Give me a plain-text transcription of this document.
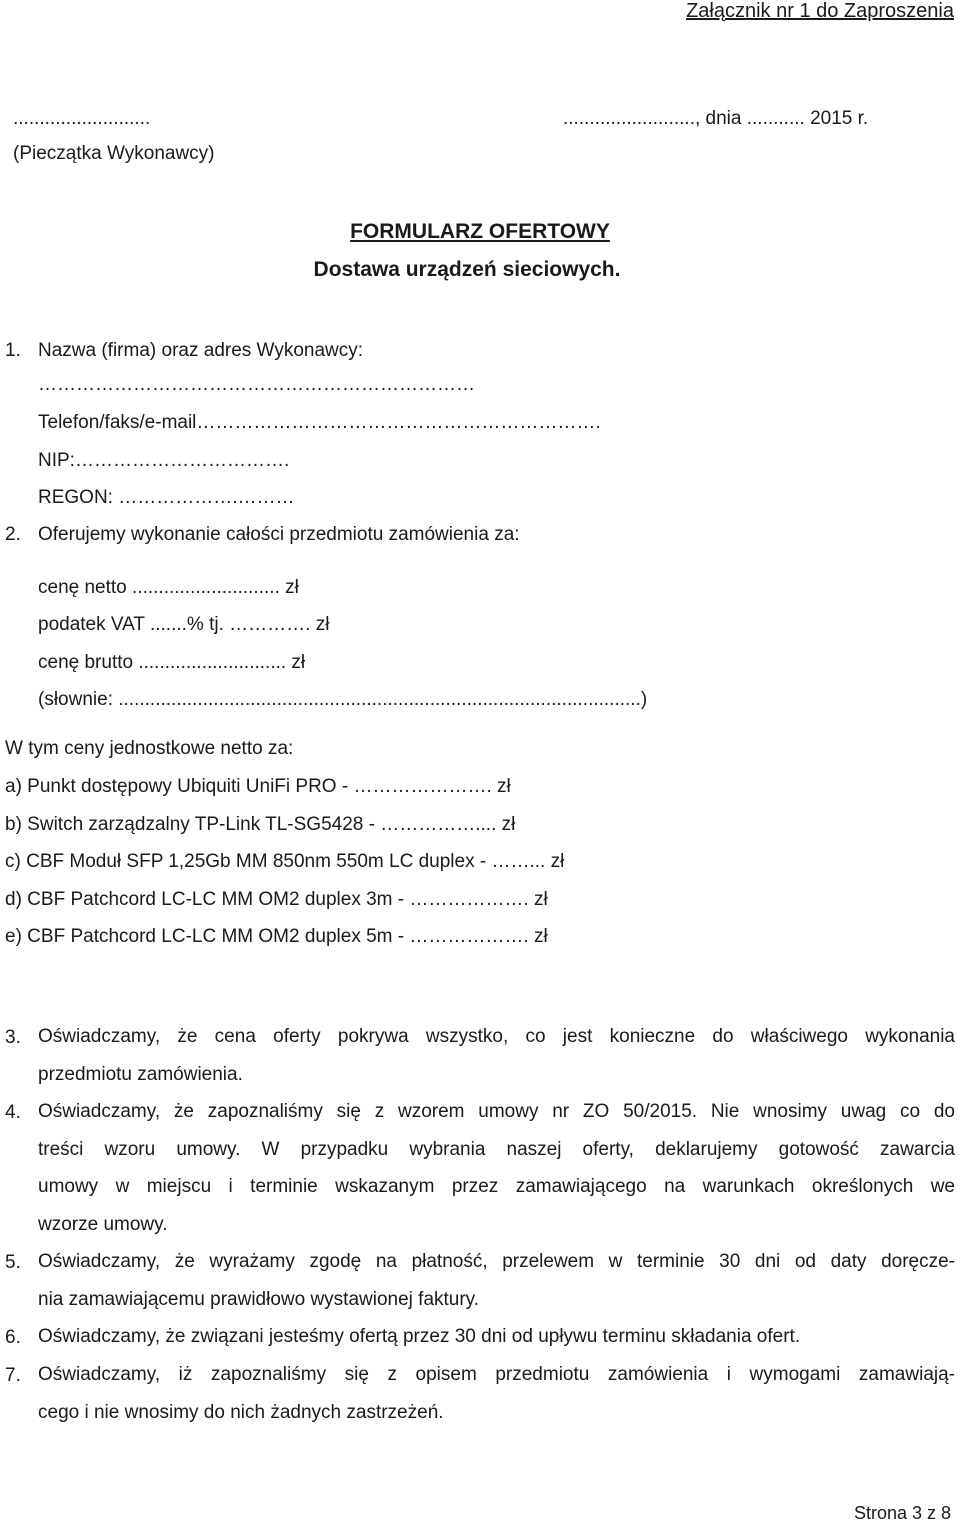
Załącznik nr 1 do Zaproszenia
..........................
(Pieczątka Wykonawcy)
........................., dnia ........... 2015 r.
FORMULARZ OFERTOWY
Dostawa urządzeń sieciowych.
1. Nazwa (firma) oraz adres Wykonawcy:
……………………………………………………………
Telefon/faks/e-mail……………………………………………………….
NIP:…………………………….
REGON: ……………….………
2. Oferujemy wykonanie całości przedmiotu zamówienia za:
cenę netto ............................ zł
podatek VAT .......% tj. …………. zł
cenę brutto ............................ zł
(słownie: ...................................................................................................)
W tym ceny jednostkowe netto za:
a) Punkt dostępowy Ubiquiti UniFi PRO - …………………. zł
b) Switch zarządzalny TP-Link TL-SG5428 - …………….... zł
c) CBF Moduł SFP 1,25Gb MM 850nm 550m LC duplex - ……... zł
d) CBF Patchcord LC-LC MM OM2 duplex 3m - ………………. zł
e) CBF Patchcord LC-LC MM OM2 duplex 5m - ………………. zł
3. Oświadczamy, że cena oferty pokrywa wszystko, co jest konieczne do właściwego wykonania
przedmiotu zamówienia.
4. Oświadczamy, że zapoznaliśmy się z wzorem umowy nr ZO 50/2015. Nie wnosimy uwag co do
treści wzoru umowy. W przypadku wybrania naszej oferty, deklarujemy gotowość zawarcia
umowy w miejscu i terminie wskazanym przez zamawiającego na warunkach określonych we
wzorze umowy.
5. Oświadczamy, że wyrażamy zgodę na płatność, przelewem w terminie 30 dni od daty doręcze-
nia zamawiającemu prawidłowo wystawionej faktury.
6. Oświadczamy, że związani jesteśmy ofertą przez 30 dni od upływu terminu składania ofert.
7. Oświadczamy, iż zapoznaliśmy się z opisem przedmiotu zamówienia i wymogami zamawiają-
cego i nie wnosimy do nich żadnych zastrzeżeń.
Strona 3 z 8
